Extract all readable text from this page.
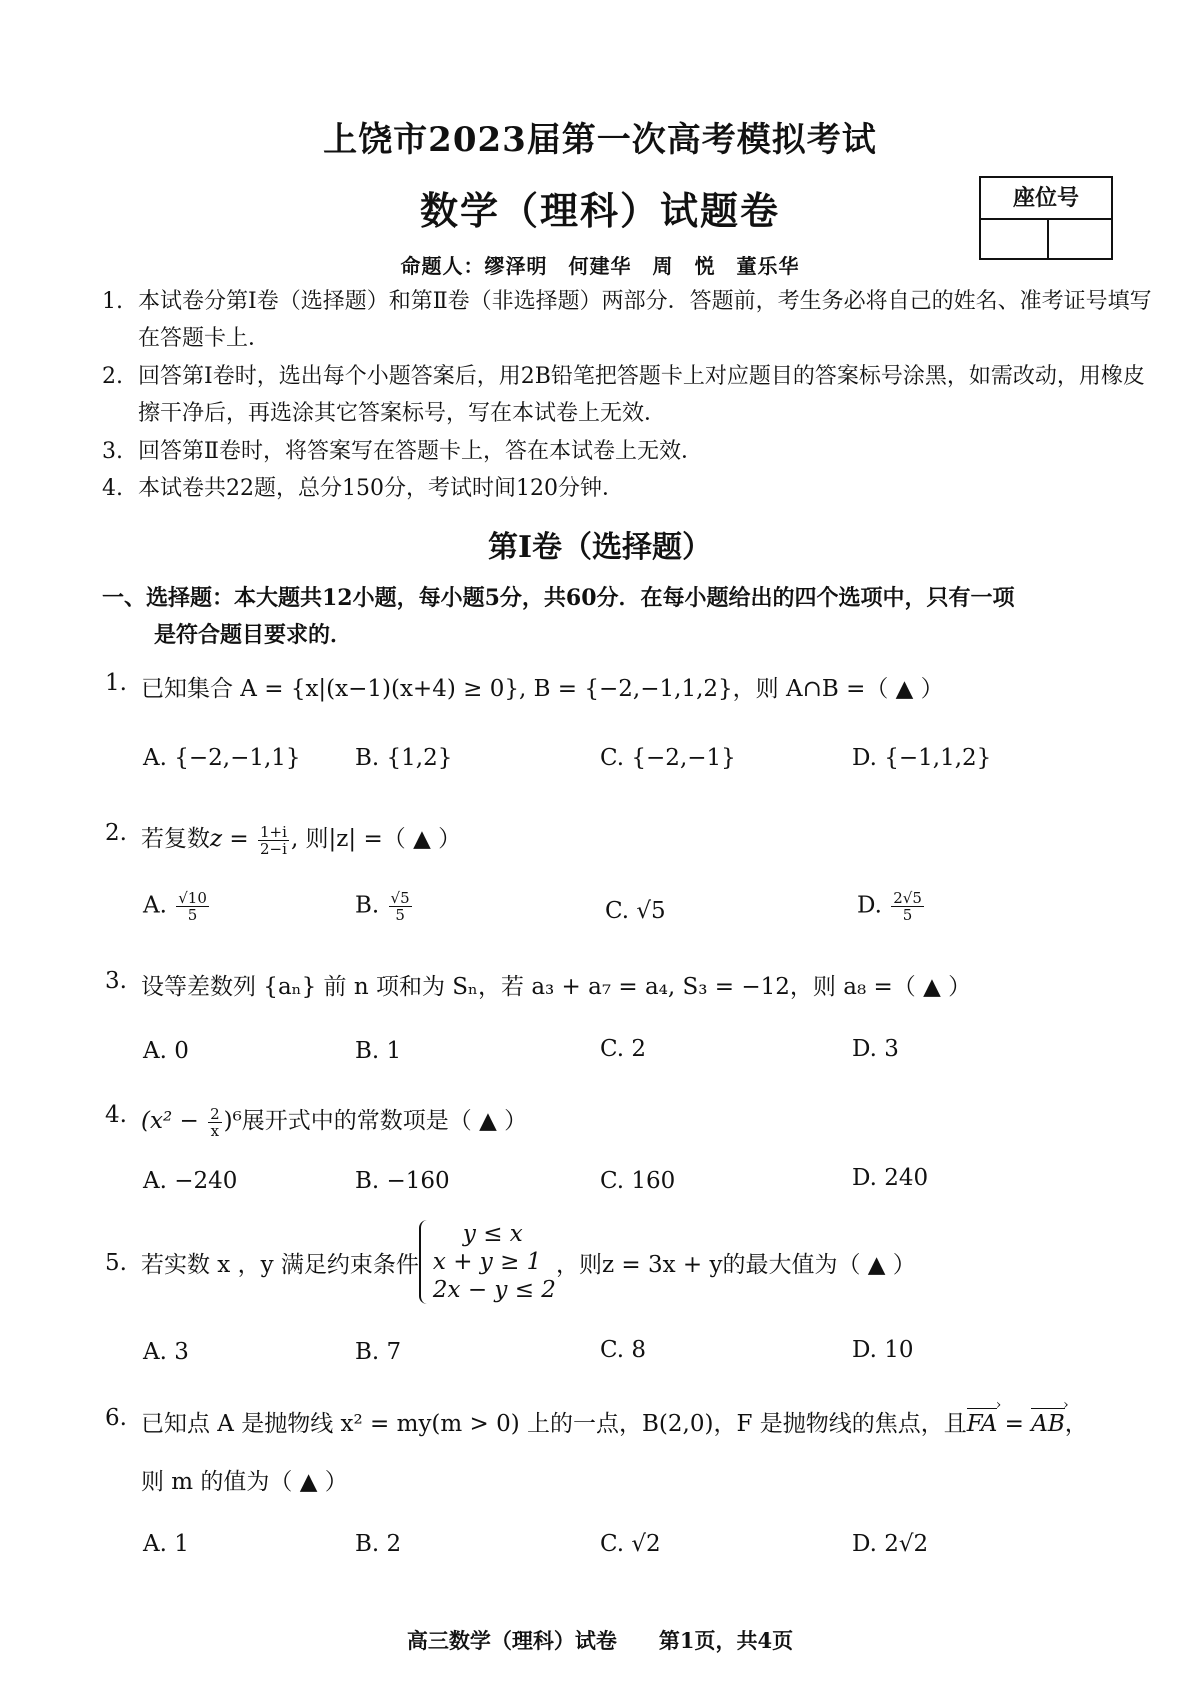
上饶市2023届第一次高考模拟考试
数学（理科）试题卷
命题人：缪泽明　何建华　周　悦　董乐华
座位号
1. 本试卷分第Ⅰ卷（选择题）和第Ⅱ卷（非选择题）两部分．答题前，考生务必将自己的姓名、准考证号填写在答题卡上．
2. 回答第Ⅰ卷时，选出每个小题答案后，用2B铅笔把答题卡上对应题目的答案标号涂黑，如需改动，用橡皮擦干净后，再选涂其它答案标号，写在本试卷上无效．
3. 回答第Ⅱ卷时，将答案写在答题卡上，答在本试卷上无效．
4. 本试卷共22题，总分150分，考试时间120分钟．
第Ⅰ卷（选择题）
一、选择题：本大题共12小题，每小题5分，共60分．在每小题给出的四个选项中，只有一项
是符合题目要求的．
1. 已知集合 A = {x|(x−1)(x+4) ≥ 0}, B = {−2,−1,1,2}，则 A∩B =（ ▲ ）
A. {−2,−1,1} B. {1,2}	C. {−2,−1}	D. {−1,1,2}
2. 若复数$z = \frac{1+i}{2-i}$ , 则|z| =（ ▲ ）
A. $\frac{√10}{5}$	B. $\frac{√5}{5}$	C. √5	D. $\frac{2√5}{5}$
3. 设等差数列 {aₙ} 前 n 项和为 Sₙ，若 a₃ + a₇ = a₄, S₃ = −12，则 a₈ =（ ▲ ）
A. 0	B. 1	C. 2	D. 3
4. $(x^2 - \frac{2}{x} )^6$展开式中的常数项是（ ▲ ）
A. −240	B. −160	C. 160	D. 240
5. 若实数 x ，y 满足约束条件
y ≤ x
x + y ≥ 1
2x − y ≤ 2
，则z = 3x + y的最大值为（ ▲ ）
A. 3	B. 7	C. 8	D. 10
6. 已知点 A 是抛物线 x² = my(m > 0) 上的一点，B(2,0)，F 是抛物线的焦点，且FA › = AB ›，
则 m 的值为（ ▲ ）
A. 1	B. 2	C. √2	D. 2√2
高三数学（理科）试卷　　第1页，共4页
